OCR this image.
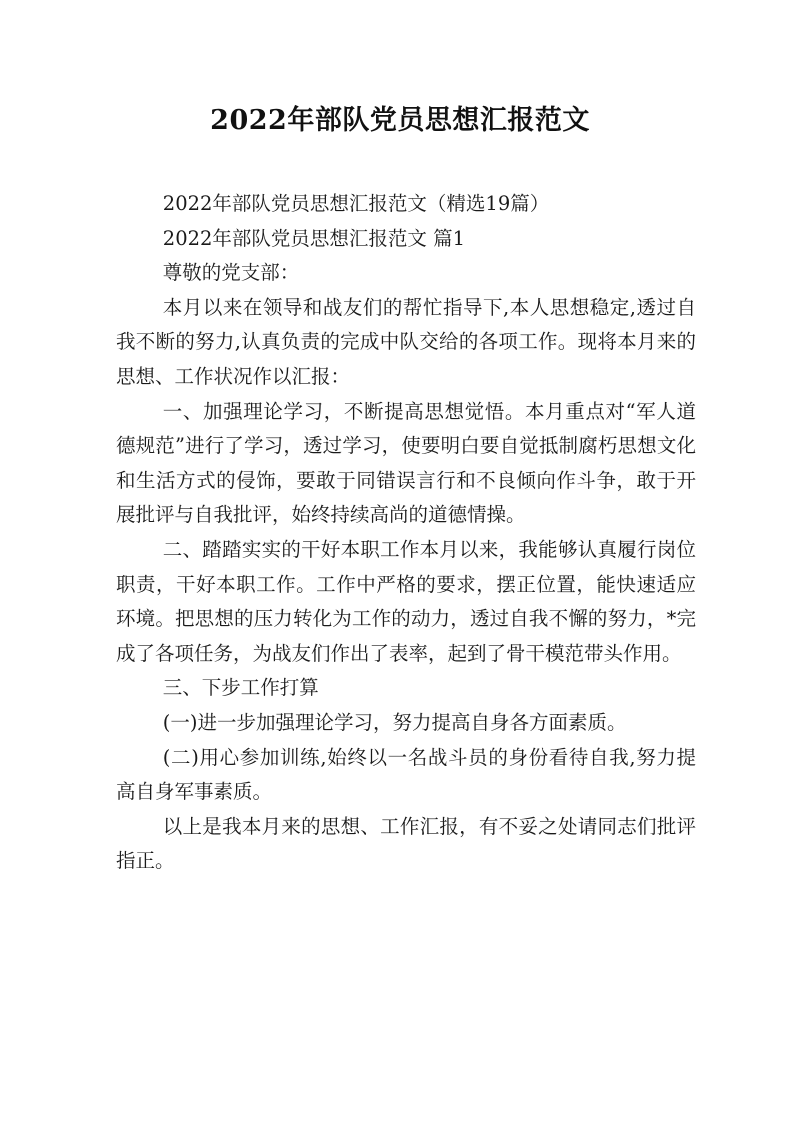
2022年部队党员思想汇报范文

2022年部队党员思想汇报范文（精选19篇）

2022年部队党员思想汇报范文 篇1

尊敬的党支部：

本月以来在领导和战友们的帮忙指导下,本人思想稳定,透过自我不断的努力,认真负责的完成中队交给的各项工作。现将本月来的思想、工作状况作以汇报：

一、加强理论学习，不断提高思想觉悟。本月重点对“军人道德规范”进行了学习，透过学习，使要明白要自觉抵制腐朽思想文化和生活方式的侵饰，要敢于同错误言行和不良倾向作斗争，敢于开展批评与自我批评，始终持续高尚的道德情操。

二、踏踏实实的干好本职工作本月以来，我能够认真履行岗位职责，干好本职工作。工作中严格的要求，摆正位置，能快速适应环境。把思想的压力转化为工作的动力，透过自我不懈的努力，*完成了各项任务，为战友们作出了表率，起到了骨干模范带头作用。

三、下步工作打算

(一)进一步加强理论学习，努力提高自身各方面素质。

(二)用心参加训练,始终以一名战斗员的身份看待自我,努力提高自身军事素质。

以上是我本月来的思想、工作汇报，有不妥之处请同志们批评指正。
